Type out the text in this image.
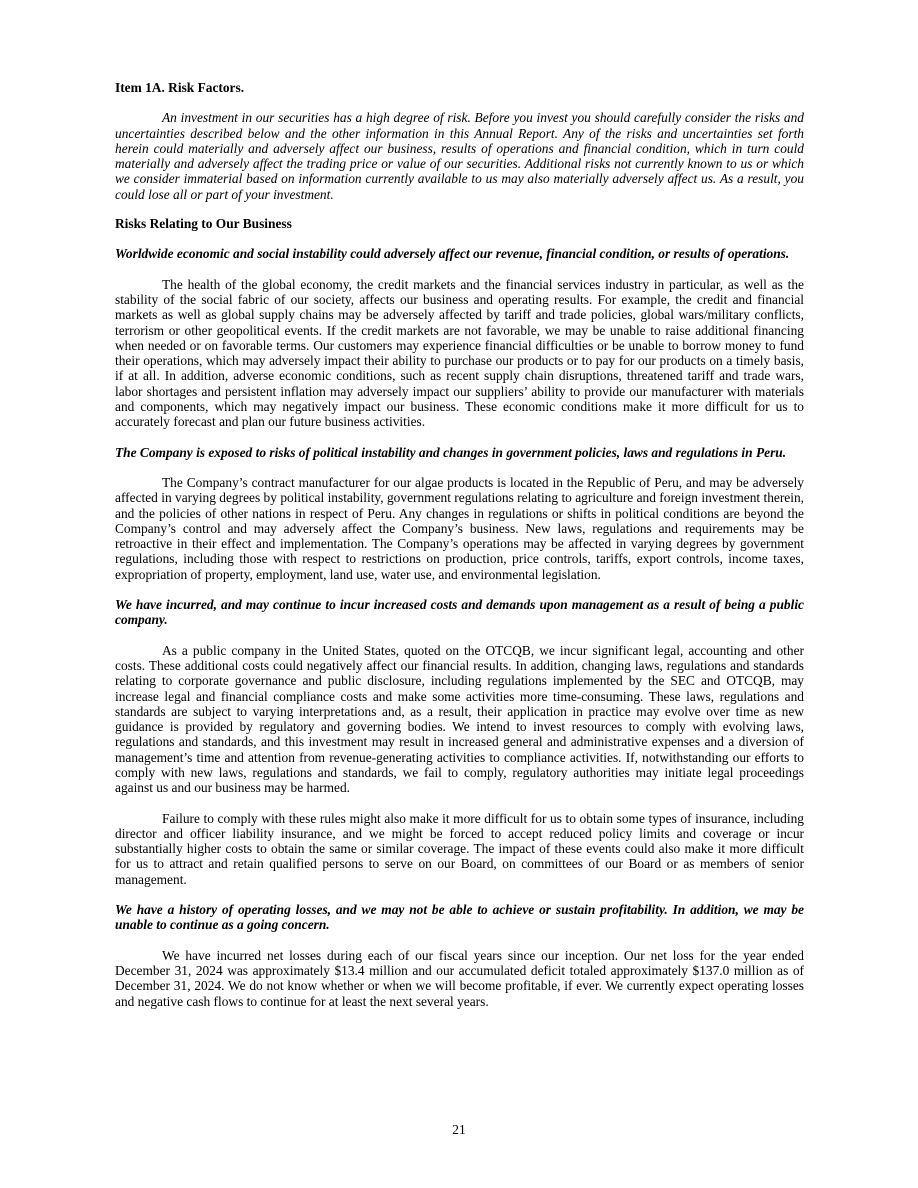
Item 1A. Risk Factors.

An investment in our securities has a high degree of risk. Before you invest you should carefully consider the risks and uncertainties described below and the other information in this Annual Report. Any of the risks and uncertainties set forth herein could materially and adversely affect our business, results of operations and financial condition, which in turn could materially and adversely affect the trading price or value of our securities. Additional risks not currently known to us or which we consider immaterial based on information currently available to us may also materially adversely affect us. As a result, you could lose all or part of your investment.

Risks Relating to Our Business

Worldwide economic and social instability could adversely affect our revenue, financial condition, or results of operations.

The health of the global economy, the credit markets and the financial services industry in particular, as well as the stability of the social fabric of our society, affects our business and operating results. For example, the credit and financial markets as well as global supply chains may be adversely affected by tariff and trade policies, global wars/military conflicts, terrorism or other geopolitical events. If the credit markets are not favorable, we may be unable to raise additional financing when needed or on favorable terms. Our customers may experience financial difficulties or be unable to borrow money to fund their operations, which may adversely impact their ability to purchase our products or to pay for our products on a timely basis, if at all. In addition, adverse economic conditions, such as recent supply chain disruptions, threatened tariff and trade wars, labor shortages and persistent inflation may adversely impact our suppliers’ ability to provide our manufacturer with materials and components, which may negatively impact our business. These economic conditions make it more difficult for us to accurately forecast and plan our future business activities.

The Company is exposed to risks of political instability and changes in government policies, laws and regulations in Peru.

The Company’s contract manufacturer for our algae products is located in the Republic of Peru, and may be adversely affected in varying degrees by political instability, government regulations relating to agriculture and foreign investment therein, and the policies of other nations in respect of Peru. Any changes in regulations or shifts in political conditions are beyond the Company’s control and may adversely affect the Company’s business. New laws, regulations and requirements may be retroactive in their effect and implementation. The Company’s operations may be affected in varying degrees by government regulations, including those with respect to restrictions on production, price controls, tariffs, export controls, income taxes, expropriation of property, employment, land use, water use, and environmental legislation.

We have incurred, and may continue to incur increased costs and demands upon management as a result of being a public company.

As a public company in the United States, quoted on the OTCQB, we incur significant legal, accounting and other costs. These additional costs could negatively affect our financial results. In addition, changing laws, regulations and standards relating to corporate governance and public disclosure, including regulations implemented by the SEC and OTCQB, may increase legal and financial compliance costs and make some activities more time-consuming. These laws, regulations and standards are subject to varying interpretations and, as a result, their application in practice may evolve over time as new guidance is provided by regulatory and governing bodies. We intend to invest resources to comply with evolving laws, regulations and standards, and this investment may result in increased general and administrative expenses and a diversion of management’s time and attention from revenue-generating activities to compliance activities. If, notwithstanding our efforts to comply with new laws, regulations and standards, we fail to comply, regulatory authorities may initiate legal proceedings against us and our business may be harmed.

Failure to comply with these rules might also make it more difficult for us to obtain some types of insurance, including director and officer liability insurance, and we might be forced to accept reduced policy limits and coverage or incur substantially higher costs to obtain the same or similar coverage. The impact of these events could also make it more difficult for us to attract and retain qualified persons to serve on our Board, on committees of our Board or as members of senior management.

We have a history of operating losses, and we may not be able to achieve or sustain profitability. In addition, we may be unable to continue as a going concern.

We have incurred net losses during each of our fiscal years since our inception. Our net loss for the year ended December 31, 2024 was approximately $13.4 million and our accumulated deficit totaled approximately $137.0 million as of December 31, 2024. We do not know whether or when we will become profitable, if ever. We currently expect operating losses and negative cash flows to continue for at least the next several years.

21
